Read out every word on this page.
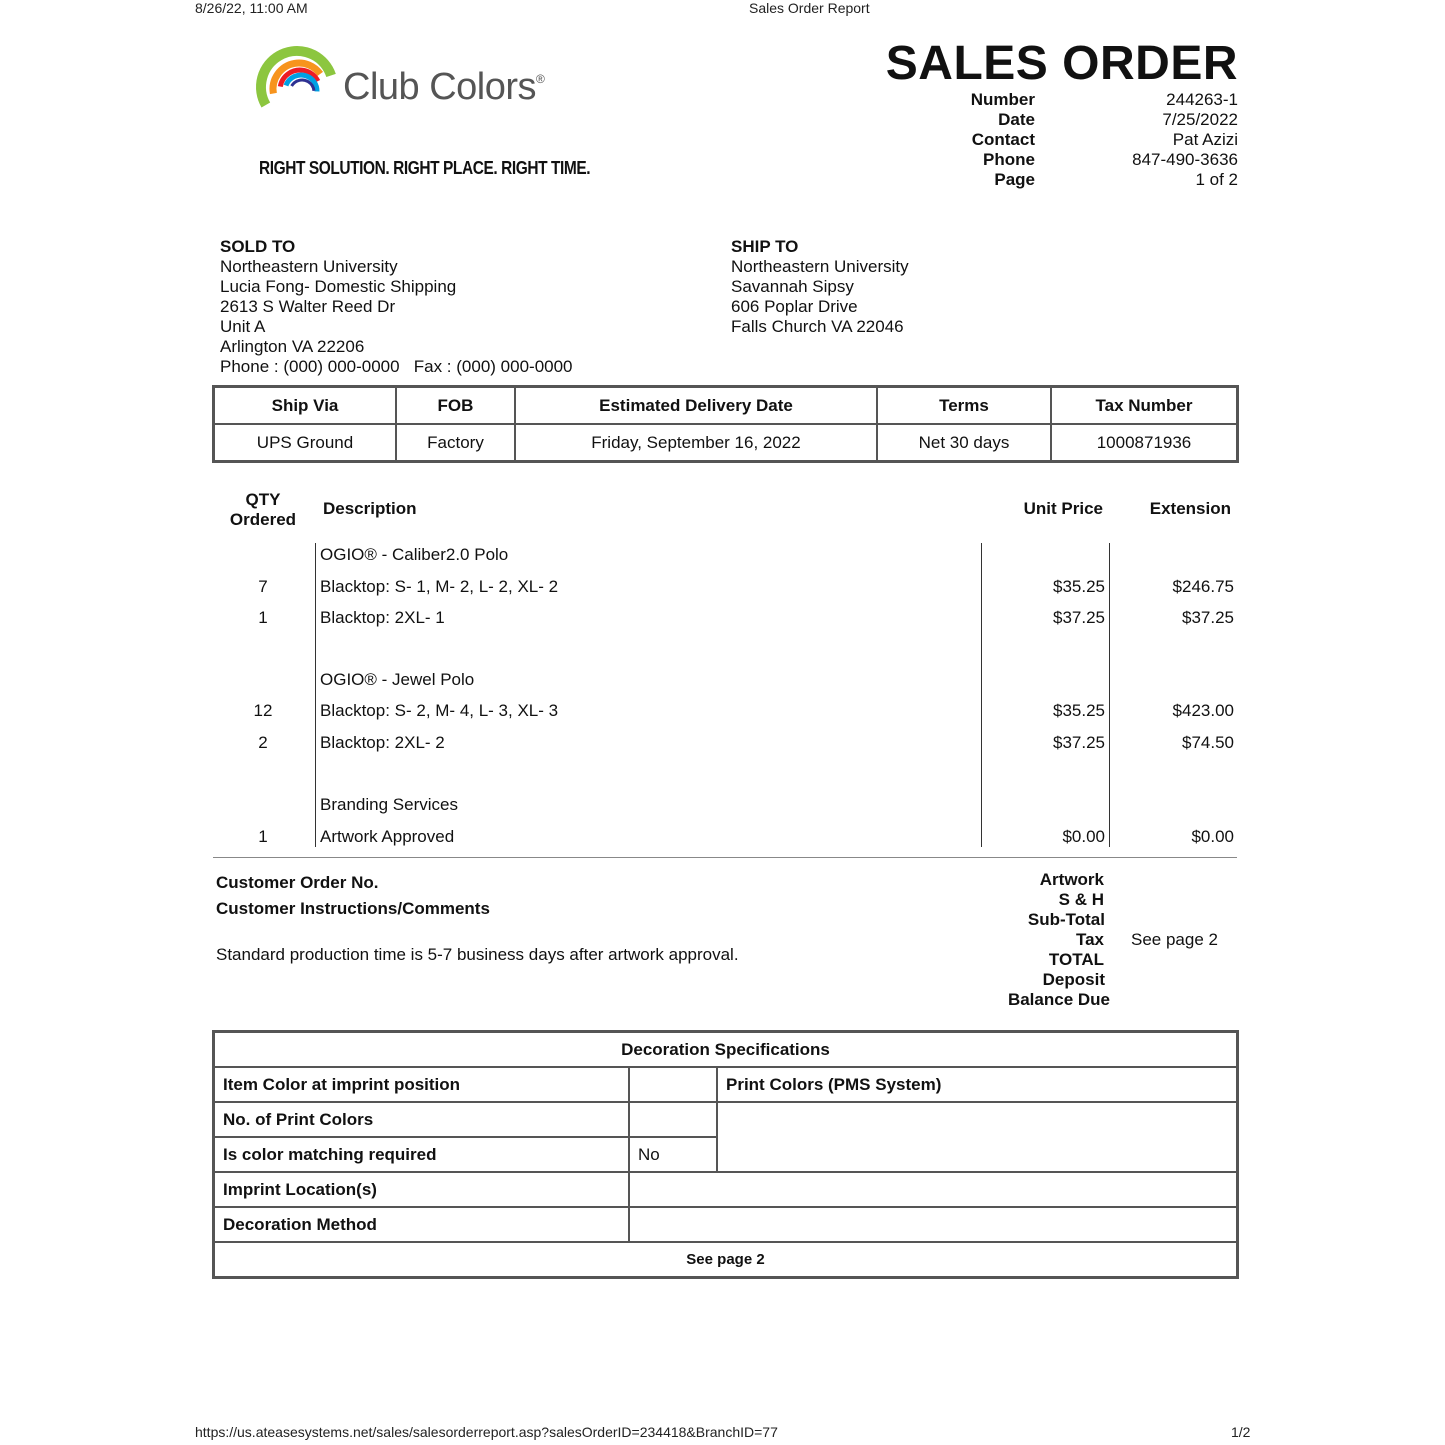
8/26/22, 11:00 AM	Sales Order Report
Club Colors®
RIGHT SOLUTION. RIGHT PLACE. RIGHT TIME.
SALES ORDER
Number	244263-1
Date	7/25/2022
Contact	Pat Azizi
Phone	847-490-3636
Page	1 of 2
SOLD TO
Northeastern University
Lucia Fong- Domestic Shipping
2613 S Walter Reed Dr
Unit A
Arlington VA 22206
Phone : (000) 000-0000   Fax : (000) 000-0000
SHIP TO
Northeastern University
Savannah Sipsy
606 Poplar Drive
Falls Church VA 22046
Ship Via	FOB	Estimated Delivery Date	Terms	Tax Number
UPS Ground	Factory	Friday, September 16, 2022	Net 30 days	1000871936
QTY
Ordered
Description	Unit Price	Extension
OGIO® - Caliber2.0 Polo
7	Blacktop: S- 1, M- 2, L- 2, XL- 2	$35.25	$246.75
1	Blacktop: 2XL- 1	$37.25	$37.25
OGIO® - Jewel Polo
12	Blacktop: S- 2, M- 4, L- 3, XL- 3	$35.25	$423.00
2	Blacktop: 2XL- 2	$37.25	$74.50
Branding Services
1	Artwork Approved	$0.00	$0.00
Customer Order No.
Customer Instructions/Comments
Standard production time is 5-7 business days after artwork approval.
Artwork
S & H
Sub-Total
Tax See page 2
TOTAL
Deposit
Balance Due
Decoration Specifications		
Item Color at imprint position		Print Colors (PMS System)
No. of Print Colors		
Is color matching required	No	
Imprint Location(s)		
Decoration Method		
See page 2		
https://us.ateasesystems.net/sales/salesorderreport.asp?salesOrderID=234418&BranchID=77	1/2
